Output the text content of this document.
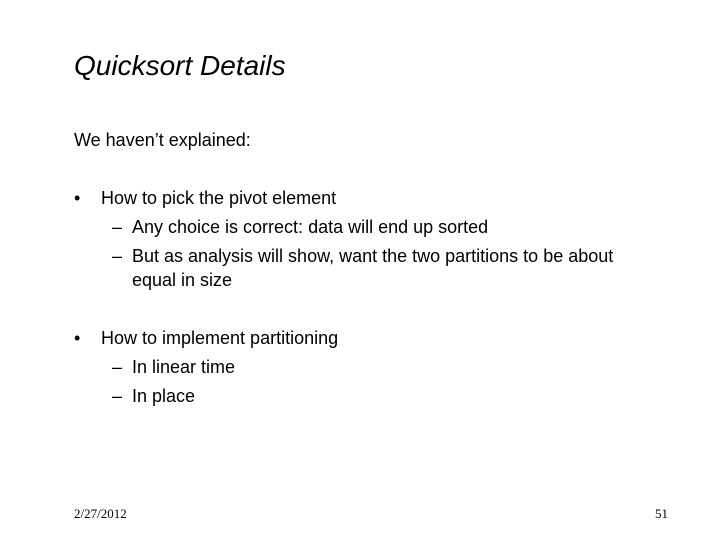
Quicksort Details
We haven’t explained:
• How to pick the pivot element
– Any choice is correct: data will end up sorted
– But as analysis will show, want the two partitions to be about
equal in size
• How to implement partitioning
– In linear time
– In place
2/27/2012	51
